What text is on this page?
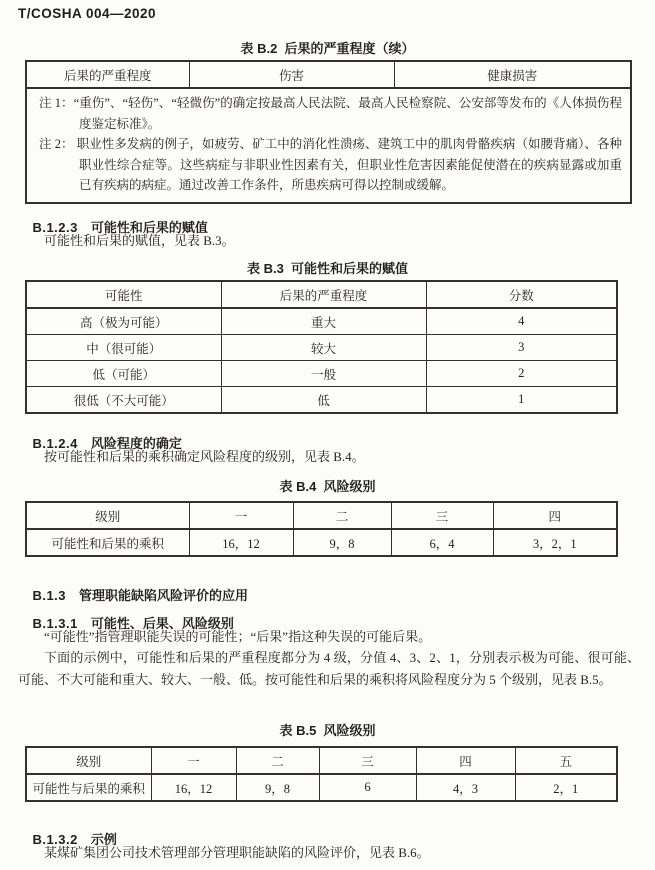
T/COSHA 004—2020
表 B.2  后果的严重程度（续）
后果的严重程度	伤害	健康损害

注 1：“重伤”、“轻伤”、“轻微伤”的确定按最高人民法院、最高人民检察院、公安部等发布的《人体损伤程度鉴定标准》。
注 2： 职业性多发病的例子，如疲劳、矿工中的消化性溃疡、建筑工中的肌肉骨骼疾病（如腰背痛）、各种职业性综合症等。这些病症与非职业性因素有关，但职业性危害因素能促使潜在的疾病显露或加重已有疾病的病症。通过改善工作条件，所患疾病可得以控制或缓解。

B.1.2.3 可能性和后果的赋值

可能性和后果的赋值，见表 B.3。
表 B.3  可能性和后果的赋值
可能性	后果的严重程度	分数
高（极为可能）	重大	4
中（很可能）	较大	3
低（可能）	一般	2
很低（不大可能）	低	1

B.1.2.4 风险程度的确定

按可能性和后果的乘积确定风险程度的级别，见表 B.4。
表 B.4  风险级别
级别	一	二	三	四
可能性和后果的乘积	16，12	9，8	6，4	3，2，1

B.1.3 管理职能缺陷风险评价的应用

B.1.3.1 可能性、后果、风险级别

“可能性”指管理职能失误的可能性；“后果”指这种失误的可能后果。
下面的示例中，可能性和后果的严重程度都分为 4 级，分值 4、3、2、1，分别表示极为可能、很可能、可能、不大可能和重大、较大、一般、低。按可能性和后果的乘积将风险程度分为 5 个级别，见表 B.5。
表 B.5  风险级别
级别	一	二	三	四	五
可能性与后果的乘积	16，12	9，8	6	4，3	2，1

B.1.3.2 示例

某煤矿集团公司技术管理部分管理职能缺陷的风险评价，见表 B.6。
